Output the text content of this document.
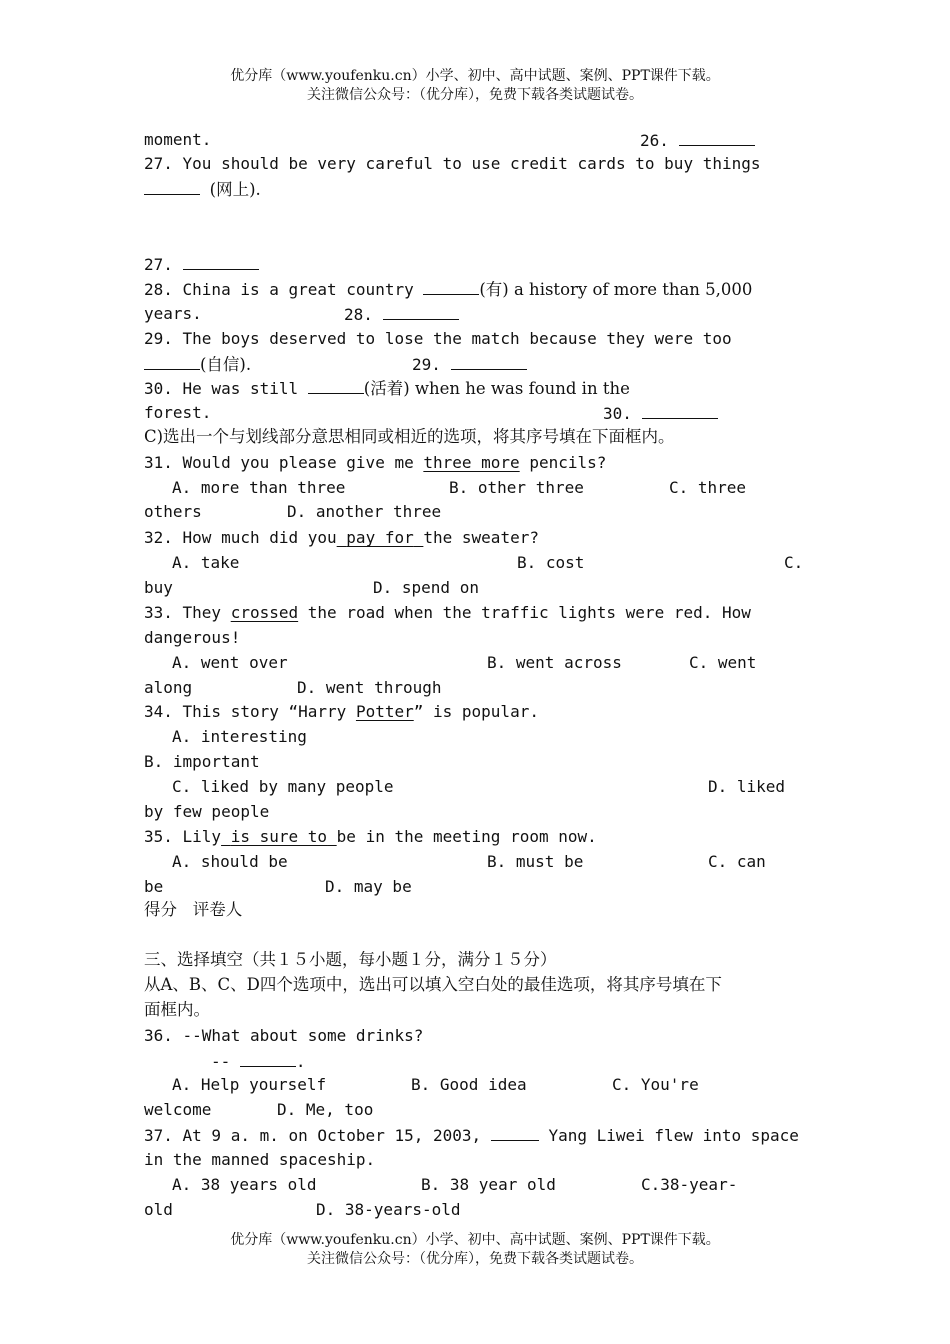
优分库（www.youfenku.cn）小学、初中、高中试题、案例、PPT课件下载。
关注微信公众号：（优分库），免费下载各类试题试卷。
moment.	26.
27. You should be very careful to use credit cards to buy things
(网上).
27.
28. China is a great country	(有) a history of more than 5,000
years.	28.
29. The boys deserved to lose the match because they were too
(自信).	29.
30. He was still	(活着) when he was found in the
forest.	30.
C)选出一个与划线部分意思相同或相近的选项，将其序号填在下面框内。
31. Would you please give me three more pencils?
A. more than three	B. other three	C. three
others	D. another three
32. How much did you pay for the sweater?
A. take	B. cost	C.
buy	D. spend on
33. They crossed the road when the traffic lights were red. How
dangerous!
A. went over	B. went across	C. went
along	D. went through
34. This story “Harry Potter” is popular.
A. interesting
B. important
C. liked by many people	D. liked
by few people
35. Lily is sure to be in the meeting room now.
A. should be	B. must be	C. can
be	D. may be
得分 评卷人
三、选择填空（共１５小题，每小题１分，满分１５分）
从A、B、C、D四个选项中，选出可以填入空白处的最佳选项，将其序号填在下
面框内。
36. --What about some drinks?
--	.
A. Help yourself	B. Good idea	C. You're
welcome	D. Me, too
37. At 9 a. m. on October 15, 2003,	Yang Liwei flew into space
in the manned spaceship.
A. 38 years old	B. 38 year old	C.38-year-
old	D. 38-years-old
优分库（www.youfenku.cn）小学、初中、高中试题、案例、PPT课件下载。
关注微信公众号：（优分库），免费下载各类试题试卷。
